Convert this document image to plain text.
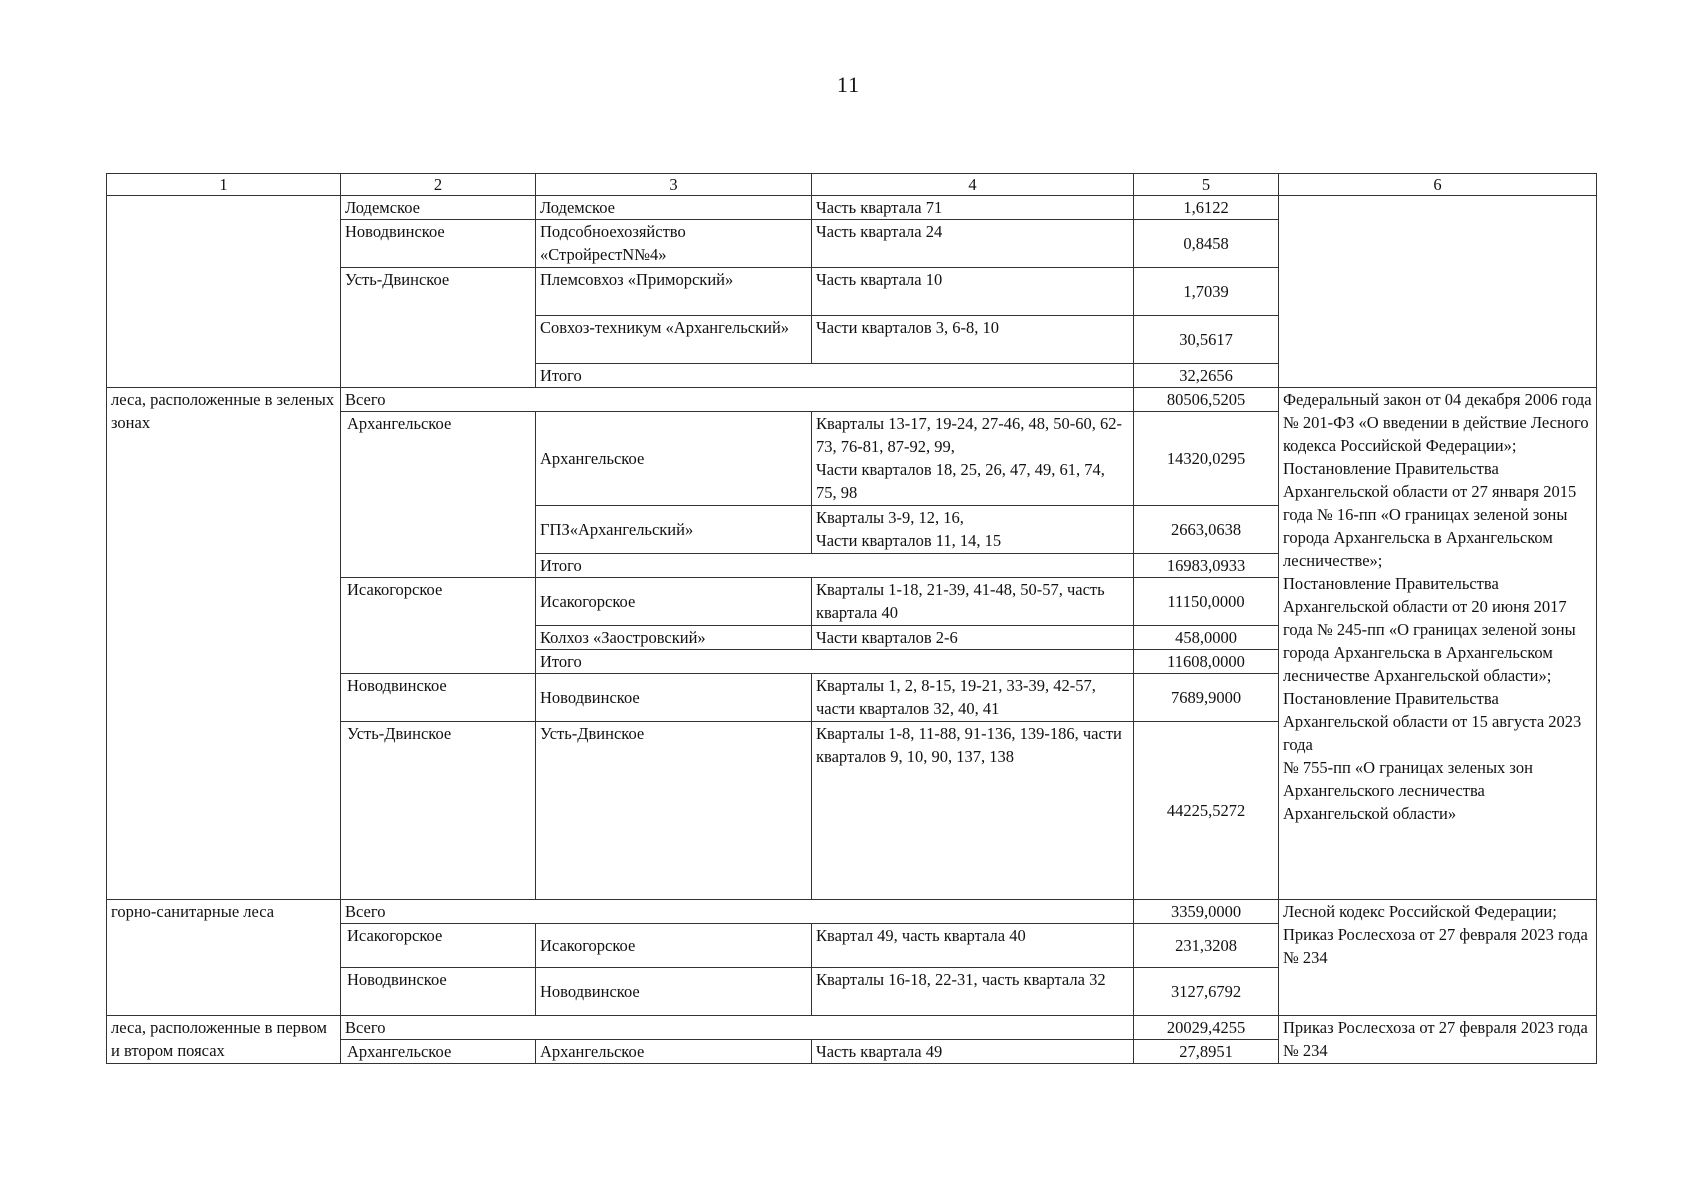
11
1	2	3	4	5	6
	Лодемское	Лодемское	Часть квартала 71	1,6122	
	Новодвинское	Подсобноехозяйство «СтройрестN№4»	Часть квартала 24	0,8458	
	Усть-Двинское	Племсовхоз «Приморский»	Часть квартала 10	1,7039	
		Совхоз-техникум «Архангельский»	Части кварталов 3, 6-8, 10	30,5617	
		Итого		32,2656	
леса, расположенные в зеленых зонах	Всего			80506,5205	Федеральный закон от 04 декабря 2006 года № 201-ФЗ «О введении в действие Лесного кодекса Российской Федерации»;
Постановление Правительства Архангельской области от 27 января 2015 года № 16-пп «О границах зеленой зоны города Архангельска в Архангельском лесничестве»;
Постановление Правительства Архангельской области от 20 июня 2017 года № 245-пп «О границах зеленой зоны города Архангельска в Архангельском лесничестве Архангельской области»;
Постановление Правительства Архангельской области от 15 августа 2023 года
№ 755-пп «О границах зеленых зон Архангельского лесничества Архангельской области»

	Архангельское	Архангельское	Кварталы 13-17, 19-24, 27-46, 48, 50-60, 62-73, 76-81, 87-92, 99,
Части кварталов 18, 25, 26, 47, 49, 61, 74, 75, 98	14320,0295	
		ГПЗ«Архангельский»	Кварталы 3-9, 12, 16,
Части кварталов 11, 14, 15	2663,0638	
		Итого		16983,0933	
	Исакогорское	Исакогорское	Кварталы 1-18, 21-39, 41-48, 50-57, часть квартала 40	11150,0000	
		Колхоз «Заостровский»	Части кварталов 2-6	458,0000	
		Итого		11608,0000	
	Новодвинское	Новодвинское	Кварталы 1, 2, 8-15, 19-21, 33-39, 42-57, части кварталов 32, 40, 41	7689,9000	
	Усть-Двинское	Усть-Двинское	Кварталы 1-8, 11-88, 91-136, 139-186, части кварталов 9, 10, 90, 137, 138	44225,5272	
горно-санитарные леса	Всего			3359,0000	Лесной кодекс Российской Федерации;
Приказ Рослесхоза от 27 февраля 2023 года № 234

	Исакогорское	Исакогорское	Квартал 49, часть квартала 40	231,3208	
	Новодвинское	Новодвинское	Кварталы 16-18, 22-31, часть квартала 32	3127,6792	
леса, расположенные в первом и втором поясах	Всего			20029,4255	Приказ Рослесхоза от 27 февраля 2023 года № 234
	Архангельское	Архангельское	Часть квартала 49	27,8951	
